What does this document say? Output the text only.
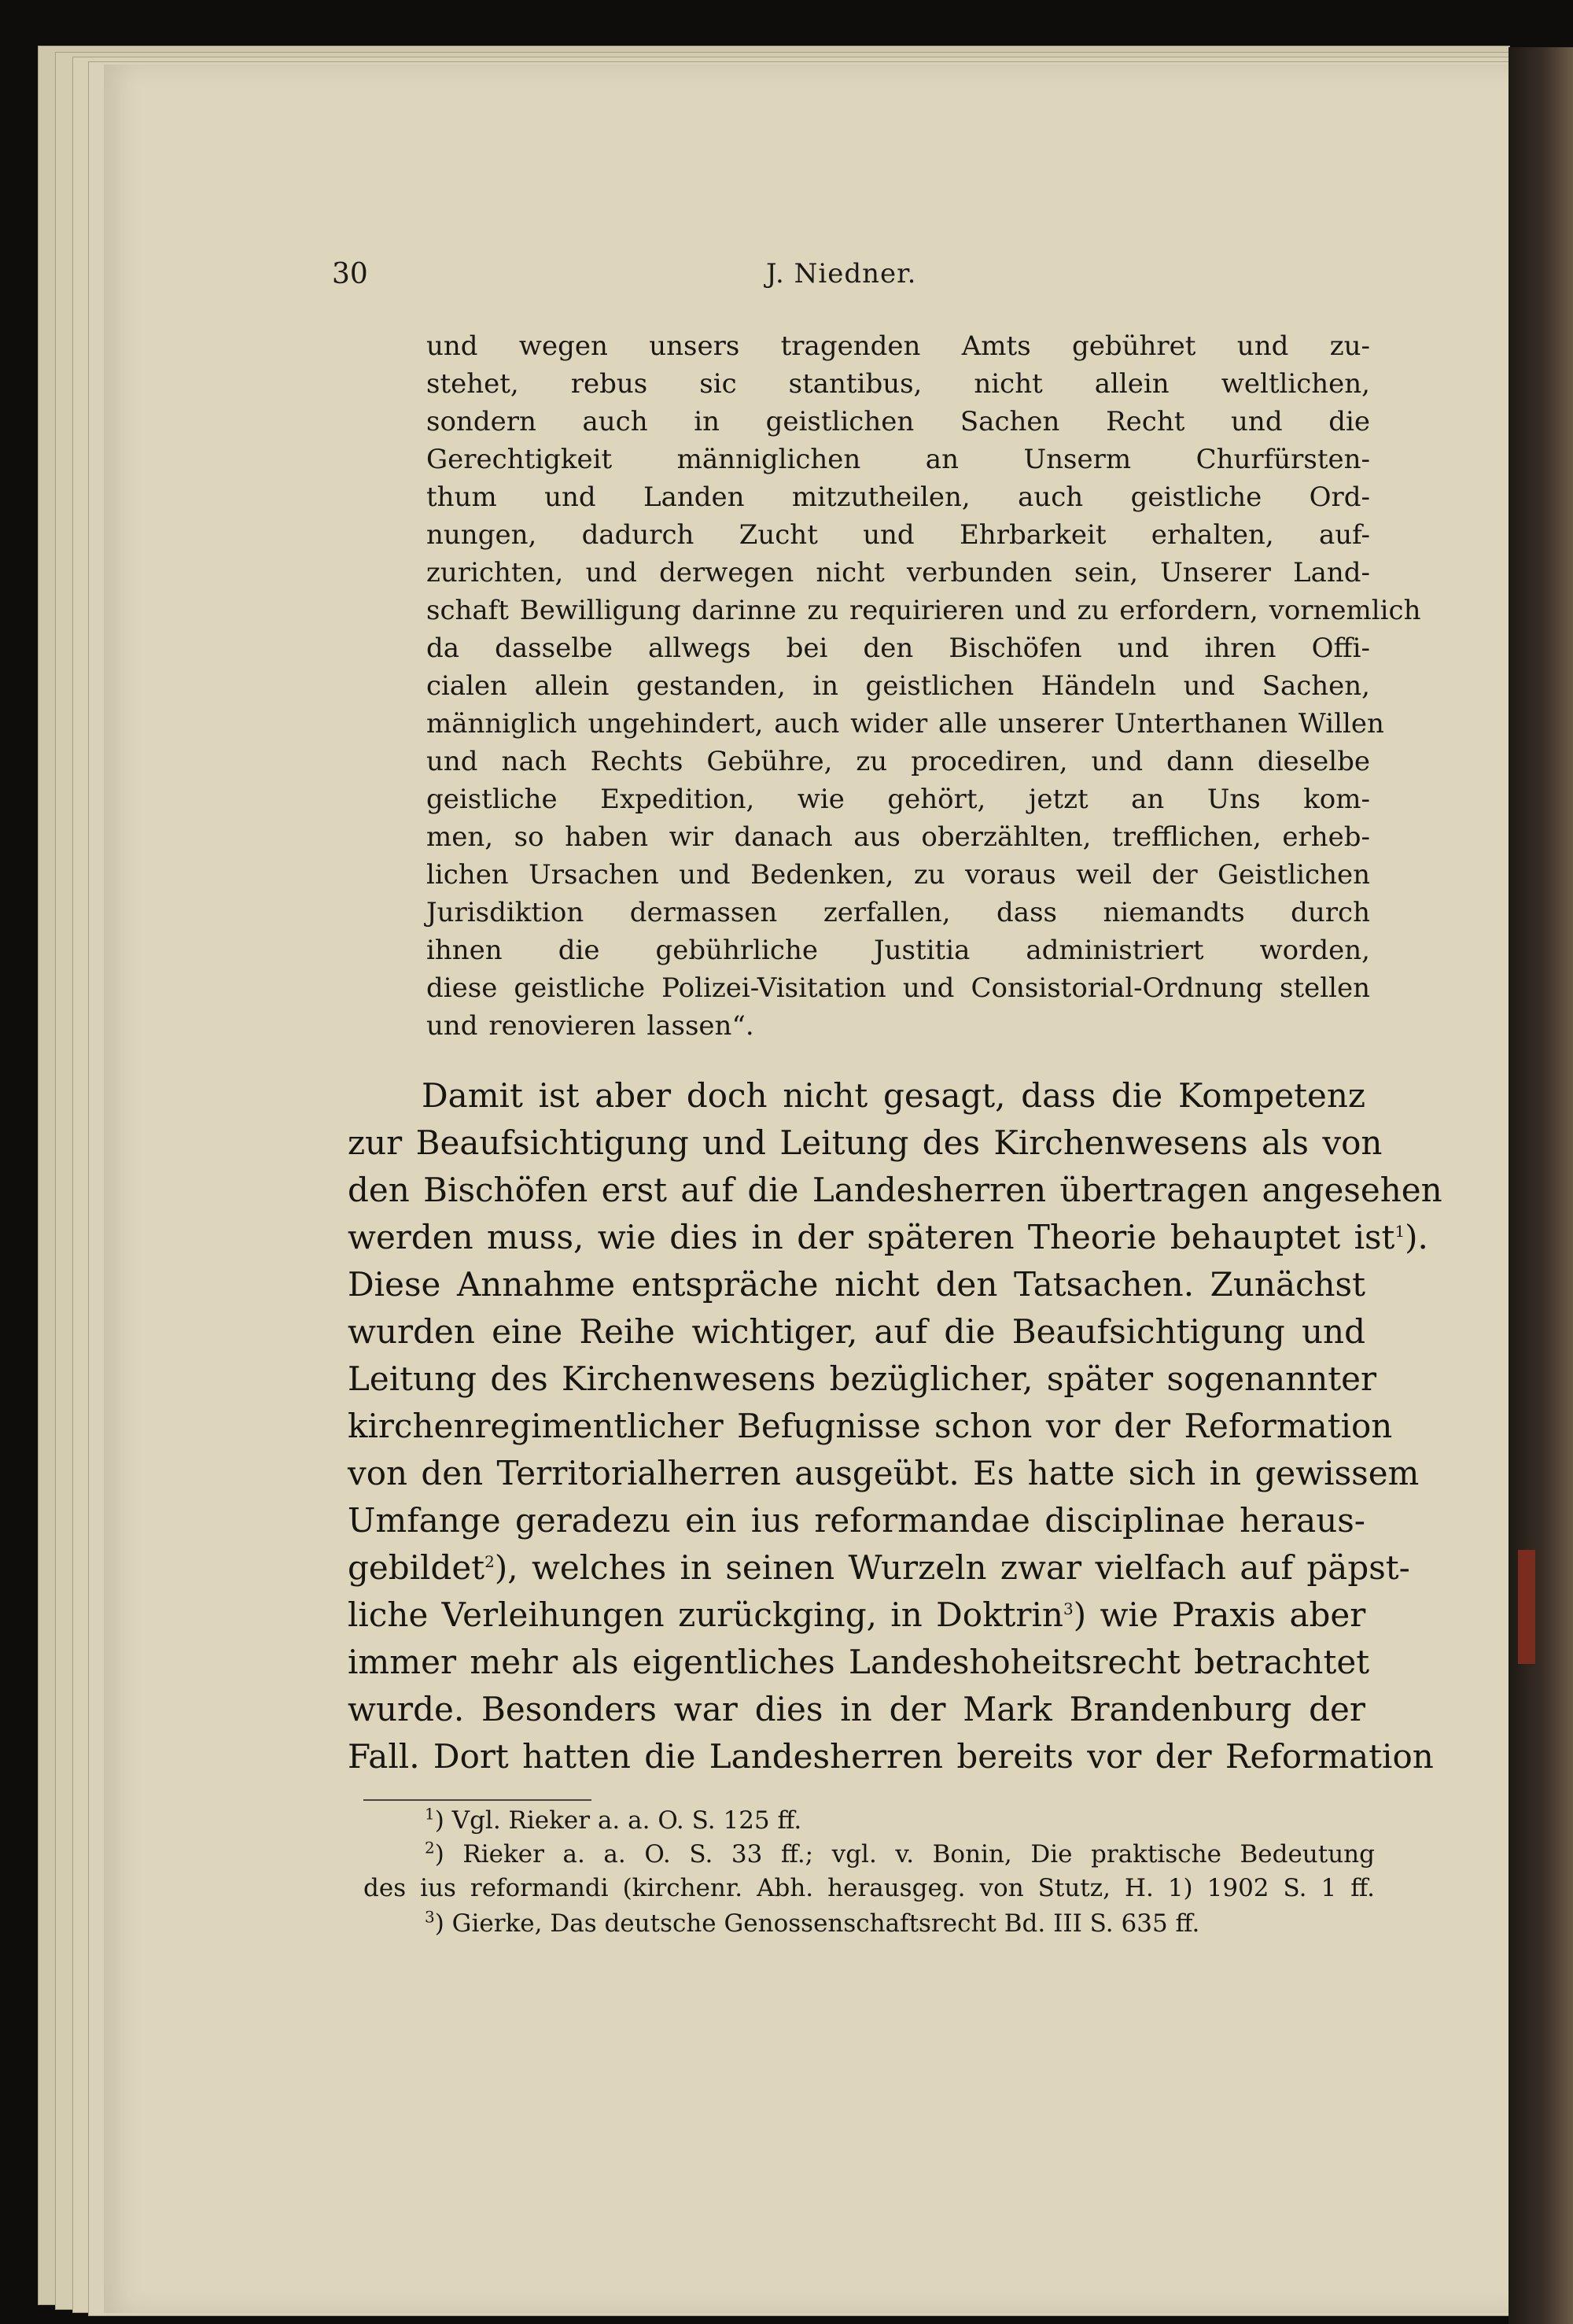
30	J. Niedner.
und wegen unsers tragenden Amts gebühret und zu-
stehet, rebus sic stantibus, nicht allein weltlichen,
sondern auch in geistlichen Sachen Recht und die
Gerechtigkeit männiglichen an Unserm Churfürsten-
thum und Landen mitzutheilen, auch geistliche Ord-
nungen, dadurch Zucht und Ehrbarkeit erhalten, auf-
zurichten, und derwegen nicht verbunden sein, Unserer Land-
schaft Bewilligung darinne zu requirieren und zu erfordern, vornemlich
da dasselbe allwegs bei den Bischöfen und ihren Offi-
cialen allein gestanden, in geistlichen Händeln und Sachen,
männiglich ungehindert, auch wider alle unserer Unterthanen Willen
und nach Rechts Gebühre, zu procediren, und dann dieselbe
geistliche Expedition, wie gehört, jetzt an Uns kom-
men, so haben wir danach aus oberzählten, trefflichen, erheb-
lichen Ursachen und Bedenken, zu voraus weil der Geistlichen
Jurisdiktion dermassen zerfallen, dass niemandts durch
ihnen die gebührliche Justitia administriert worden,
diese geistliche Polizei-Visitation und Consistorial-Ordnung stellen
und renovieren lassen“.
Damit ist aber doch nicht gesagt, dass die Kompetenz
zur Beaufsichtigung und Leitung des Kirchenwesens als von
den Bischöfen erst auf die Landesherren übertragen angesehen
werden muss, wie dies in der späteren Theorie behauptet ist$^1$).
Diese Annahme entspräche nicht den Tatsachen. Zunächst
wurden eine Reihe wichtiger, auf die Beaufsichtigung und
Leitung des Kirchenwesens bezüglicher, später sogenannter
kirchenregimentlicher Befugnisse schon vor der Reformation
von den Territorialherren ausgeübt. Es hatte sich in gewissem
Umfange geradezu ein ius reformandae disciplinae heraus-
gebildet$^2$), welches in seinen Wurzeln zwar vielfach auf päpst-
liche Verleihungen zurückging, in Doktrin$^3$) wie Praxis aber
immer mehr als eigentliches Landeshoheitsrecht betrachtet
wurde. Besonders war dies in der Mark Brandenburg der
Fall. Dort hatten die Landesherren bereits vor der Reformation
$^1$) Vgl. Rieker a. a. O. S. 125 ff.
$^2$) Rieker a. a. O. S. 33 ff.; vgl. v. Bonin, Die praktische Bedeutung
des ius reformandi (kirchenr. Abh. herausgeg. von Stutz, H. 1) 1902 S. 1 ff.
$^3$) Gierke, Das deutsche Genossenschaftsrecht Bd. III S. 635 ff.
